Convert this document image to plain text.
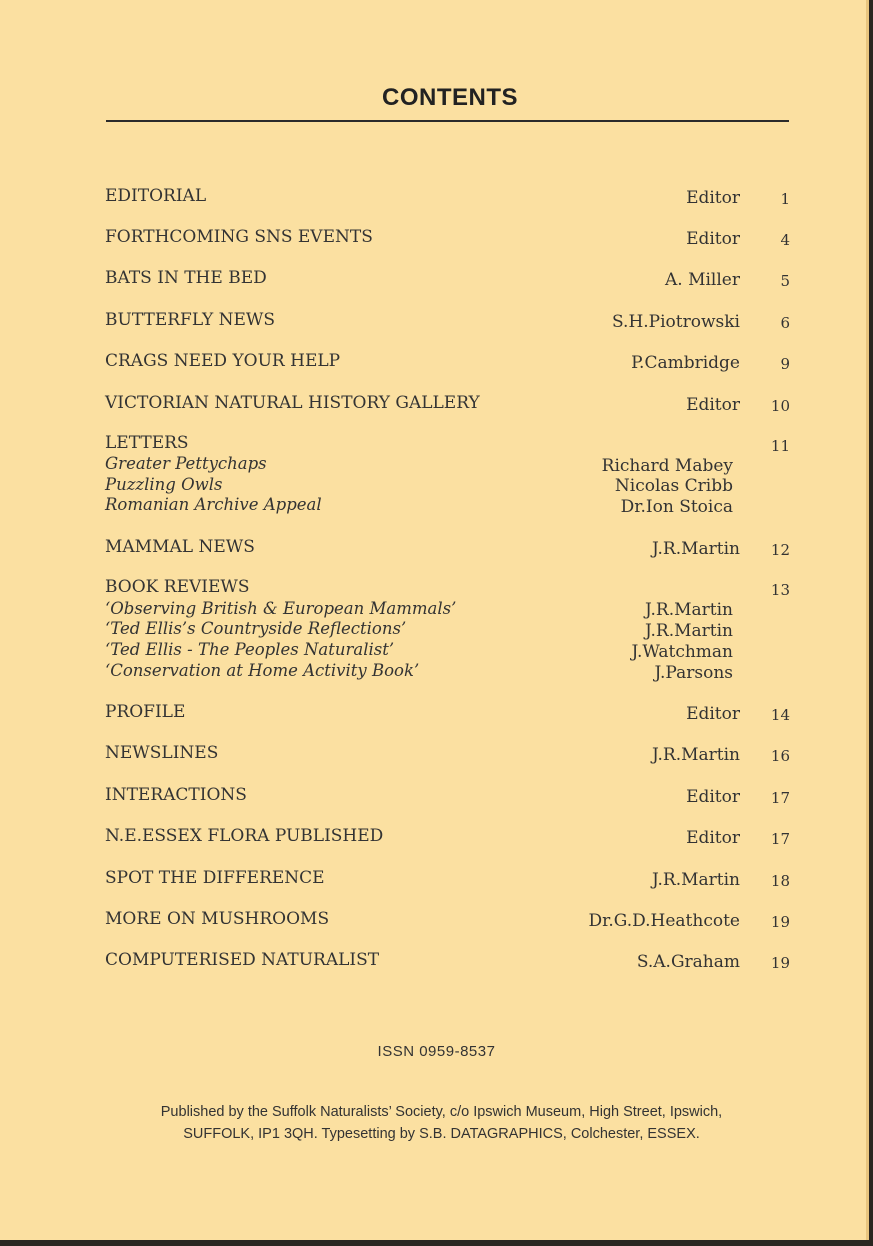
CONTENTS
EDITORIAL	Editor	1
FORTHCOMING SNS EVENTS	Editor	4
BATS IN THE BED	A. Miller	5
BUTTERFLY NEWS	S.H.Piotrowski	6
CRAGS NEED YOUR HELP	P.Cambridge	9
VICTORIAN NATURAL HISTORY GALLERY	Editor 10
LETTERS	11
Greater Pettychaps	Richard Mabey
Puzzling Owls	Nicolas Cribb
Romanian Archive Appeal	Dr.Ion Stoica
MAMMAL NEWS	J.R.Martin 12
BOOK REVIEWS	13
‘Observing British & European Mammals’	J.R.Martin
‘Ted Ellis’s Countryside Reflections’	J.R.Martin
‘Ted Ellis - The Peoples Naturalist’	J.Watchman
‘Conservation at Home Activity Book’	J.Parsons
PROFILE	Editor 14
NEWSLINES	J.R.Martin 16
INTERACTIONS	Editor 17
N.E.ESSEX FLORA PUBLISHED	Editor 17
SPOT THE DIFFERENCE	J.R.Martin 18
MORE ON MUSHROOMS	Dr.G.D.Heathcote 19
COMPUTERISED NATURALIST	S.A.Graham 19
ISSN 0959-8537
Published by the Suffolk Naturalists’ Society, c/o Ipswich Museum, High Street, Ipswich,
SUFFOLK, IP1 3QH. Typesetting by S.B. DATAGRAPHICS, Colchester, ESSEX.
